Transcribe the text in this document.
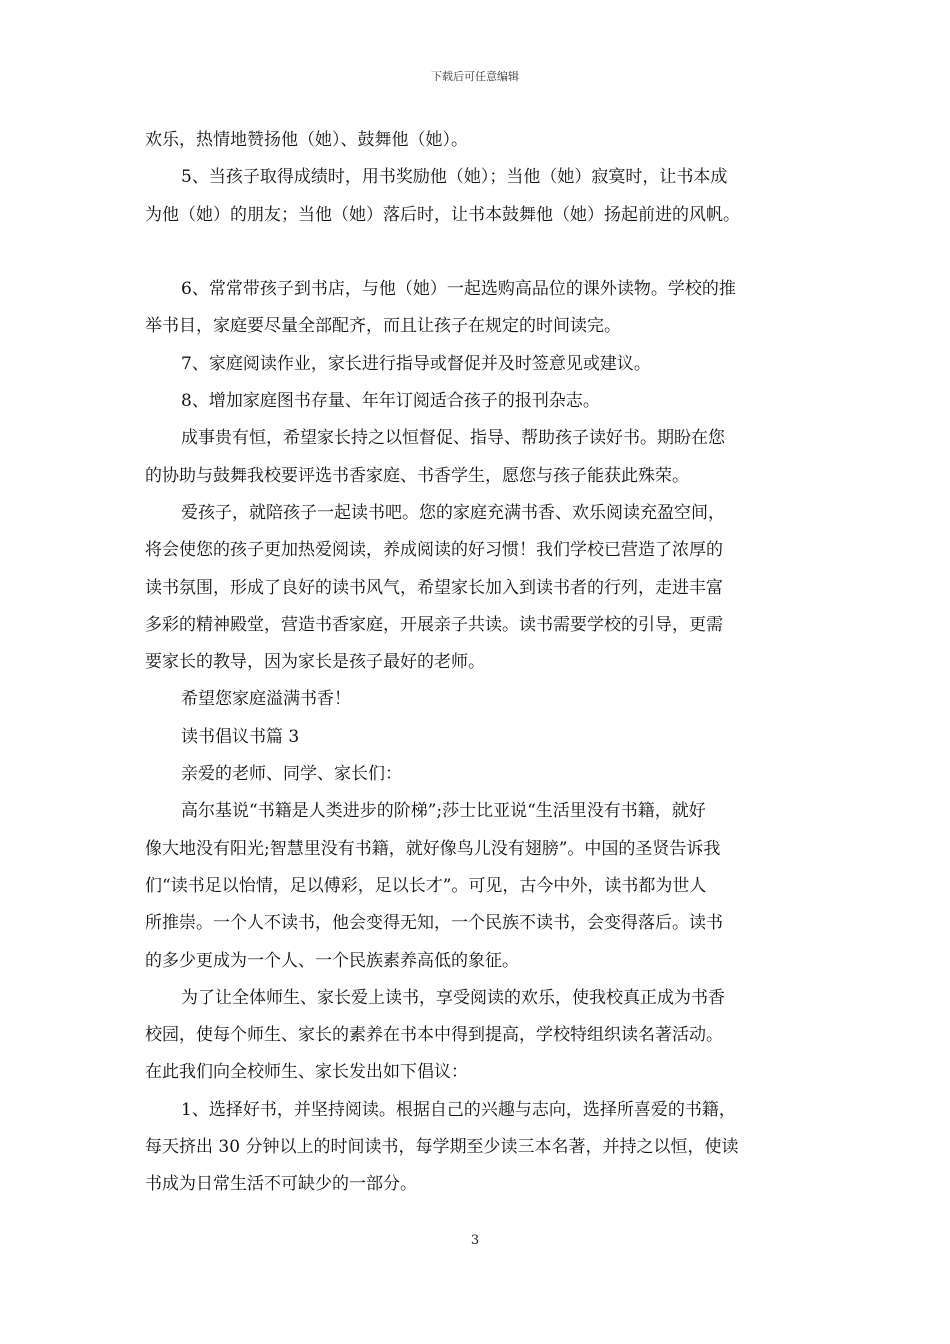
下载后可任意编辑
欢乐，热情地赞扬他（她）、鼓舞他（她）。
5、当孩子取得成绩时，用书奖励他（她）；当他（她）寂寞时，让书本成
为他（她）的朋友；当他（她）落后时，让书本鼓舞他（她）扬起前进的风帆。
6、常常带孩子到书店，与他（她）一起选购高品位的课外读物。学校的推
举书目，家庭要尽量全部配齐，而且让孩子在规定的时间读完。
7、家庭阅读作业，家长进行指导或督促并及时签意见或建议。
8、增加家庭图书存量、年年订阅适合孩子的报刊杂志。
成事贵有恒，希望家长持之以恒督促、指导、帮助孩子读好书。期盼在您
的协助与鼓舞我校要评选书香家庭、书香学生，愿您与孩子能获此殊荣。
爱孩子，就陪孩子一起读书吧。您的家庭充满书香、欢乐阅读充盈空间，
将会使您的孩子更加热爱阅读，养成阅读的好习惯！我们学校已营造了浓厚的
读书氛围，形成了良好的读书风气，希望家长加入到读书者的行列，走进丰富
多彩的精神殿堂，营造书香家庭，开展亲子共读。读书需要学校的引导，更需
要家长的教导，因为家长是孩子最好的老师。
希望您家庭溢满书香！
读书倡议书篇 3
亲爱的老师、同学、家长们：
高尔基说“书籍是人类进步的阶梯”;莎士比亚说“生活里没有书籍，就好
像大地没有阳光;智慧里没有书籍，就好像鸟儿没有翅膀”。中国的圣贤告诉我
们“读书足以怡情，足以傅彩，足以长才”。可见，古今中外，读书都为世人
所推崇。一个人不读书，他会变得无知，一个民族不读书，会变得落后。读书
的多少更成为一个人、一个民族素养高低的象征。
为了让全体师生、家长爱上读书，享受阅读的欢乐，使我校真正成为书香
校园，使每个师生、家长的素养在书本中得到提高，学校特组织读名著活动。
在此我们向全校师生、家长发出如下倡议：
1、选择好书，并坚持阅读。根据自己的兴趣与志向，选择所喜爱的书籍，
每天挤出 30 分钟以上的时间读书，每学期至少读三本名著，并持之以恒，使读
书成为日常生活不可缺少的一部分。
3
